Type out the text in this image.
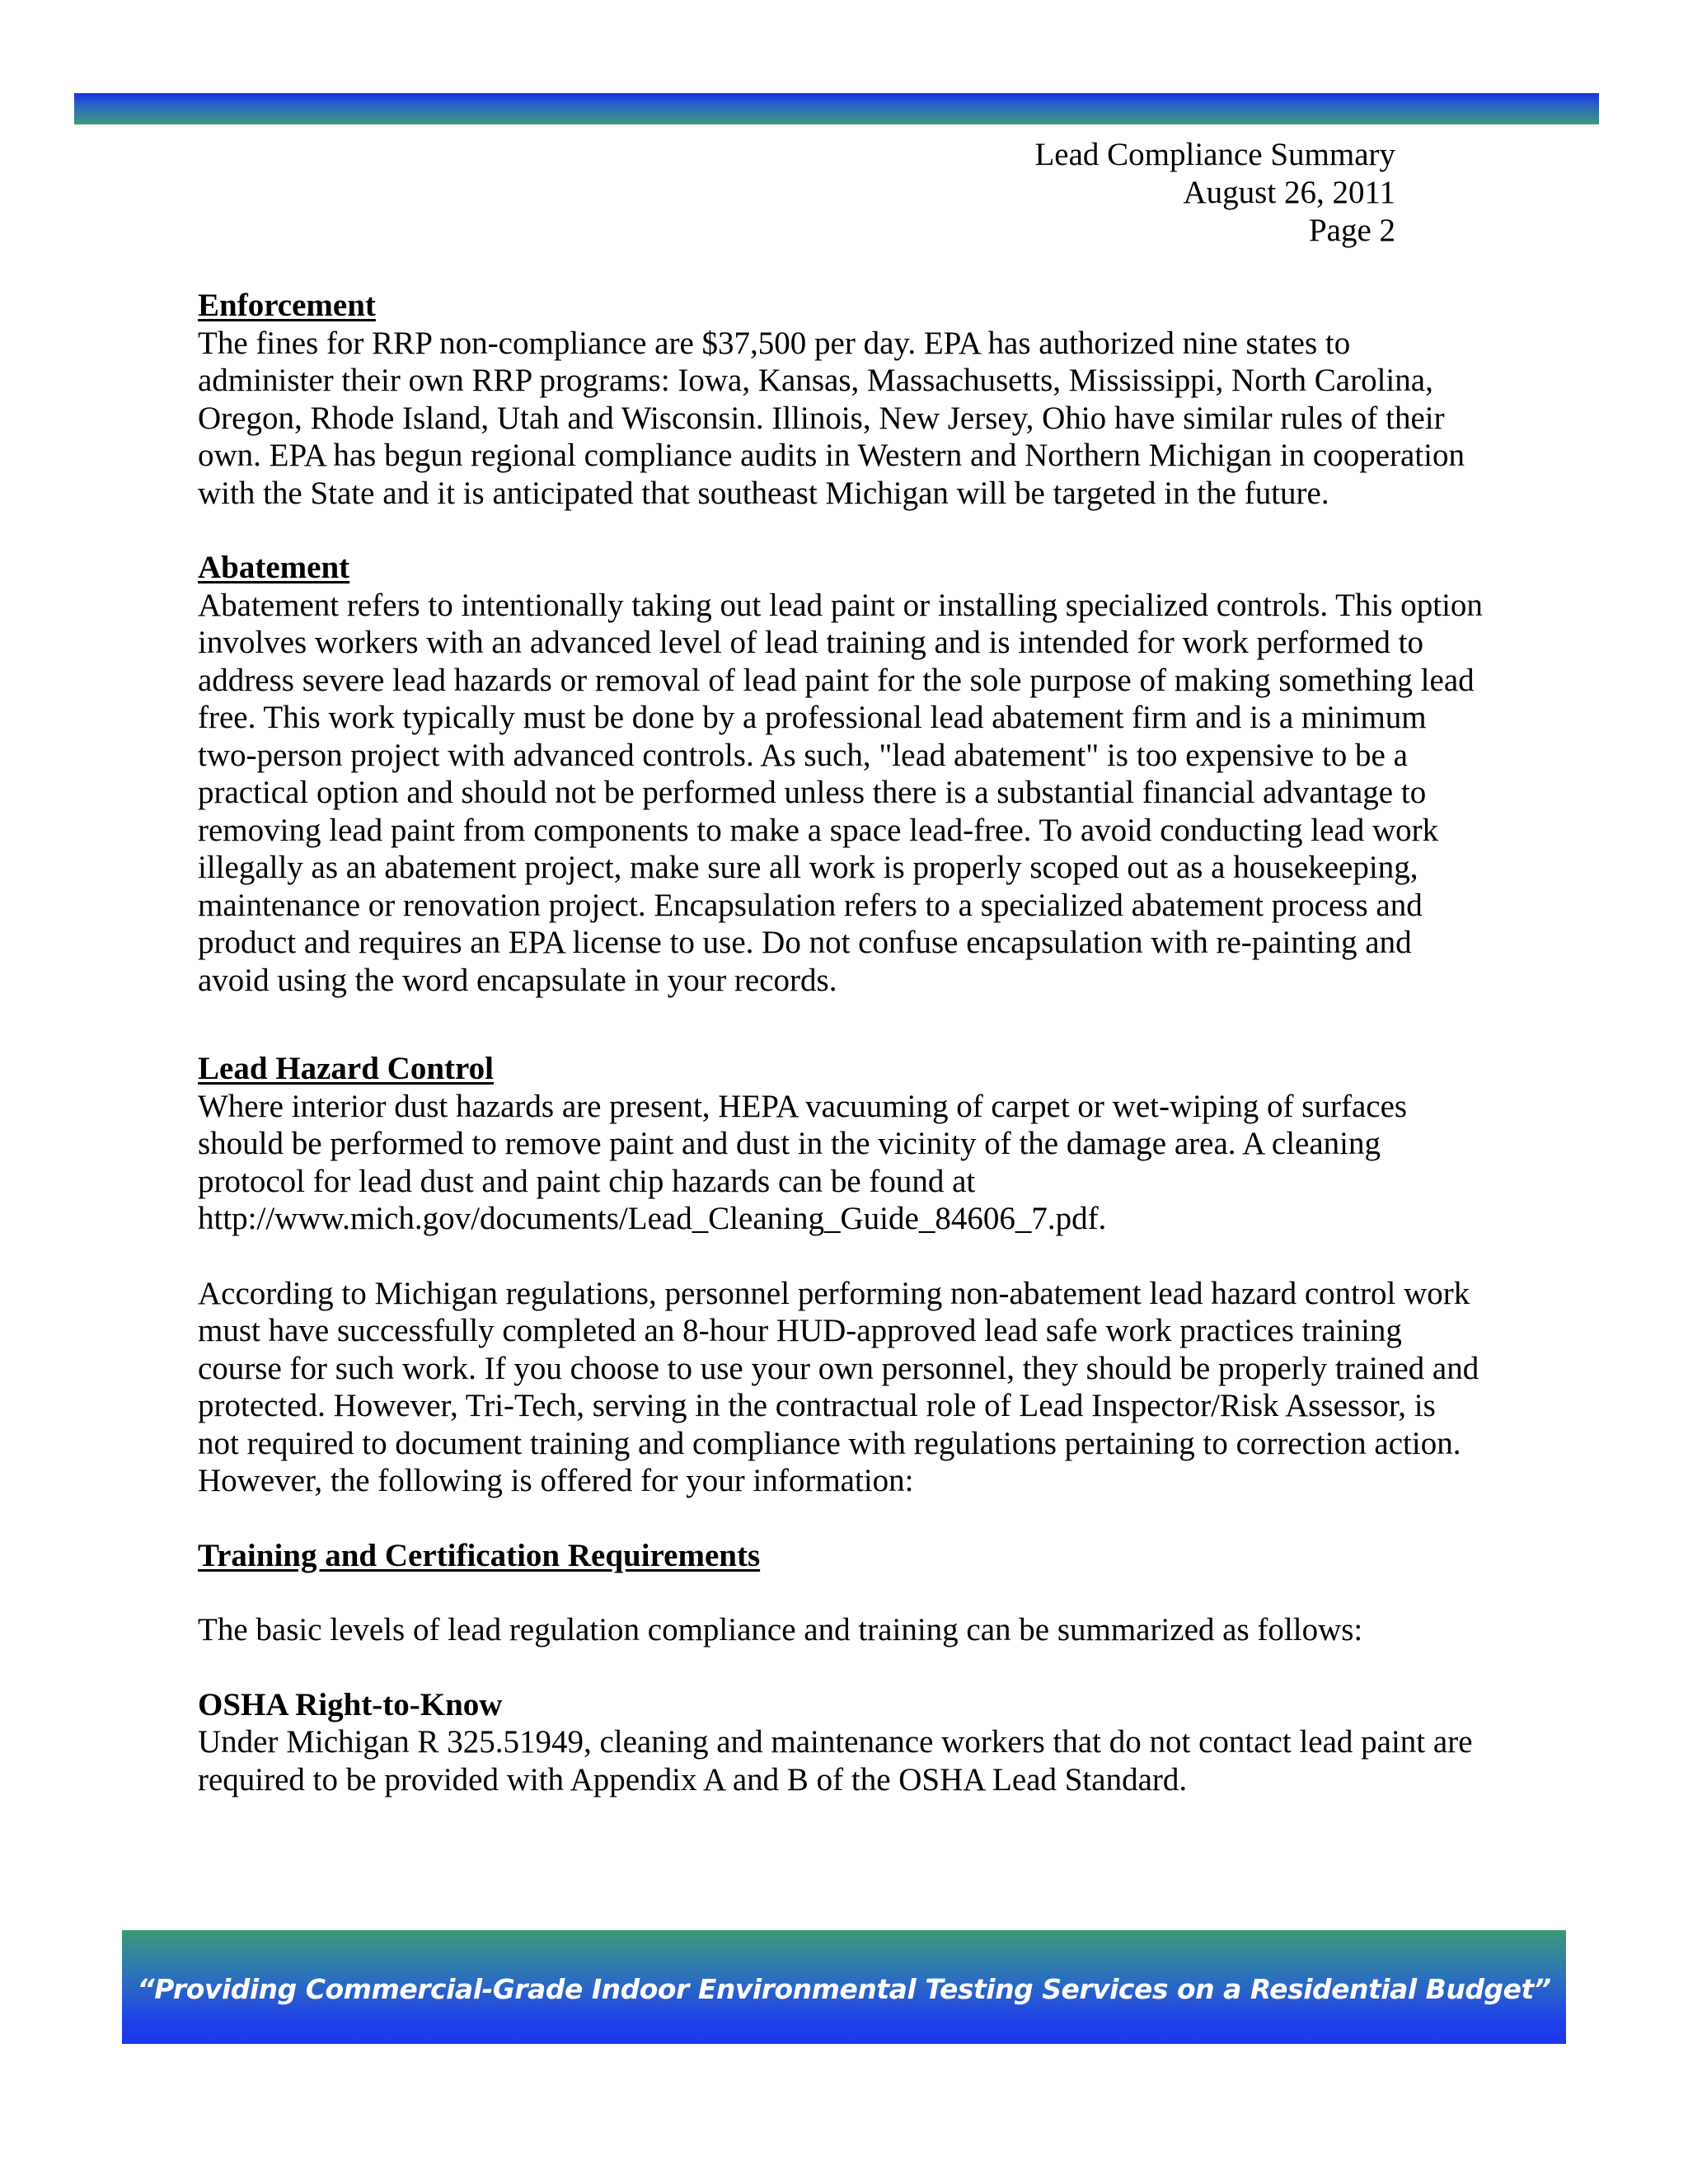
Lead Compliance Summary
August 26, 2011
Page 2
Enforcement

The fines for RRP non-compliance are $37,500 per day. EPA has authorized nine states to administer their own RRP programs: Iowa, Kansas, Massachusetts, Mississippi, North Carolina, Oregon, Rhode Island, Utah and Wisconsin. Illinois, New Jersey, Ohio have similar rules of their own. EPA has begun regional compliance audits in Western and Northern Michigan in cooperation with the State and it is anticipated that southeast Michigan will be targeted in the future.

Abatement

Abatement refers to intentionally taking out lead paint or installing specialized controls. This option involves workers with an advanced level of lead training and is intended for work performed to address severe lead hazards or removal of lead paint for the sole purpose of making something lead free. This work typically must be done by a professional lead abatement firm and is a minimum two-person project with advanced controls. As such, "lead abatement" is too expensive to be a practical option and should not be performed unless there is a substantial financial advantage to removing lead paint from components to make a space lead-free. To avoid conducting lead work illegally as an abatement project, make sure all work is properly scoped out as a housekeeping, maintenance or renovation project. Encapsulation refers to a specialized abatement process and product and requires an EPA license to use. Do not confuse encapsulation with re-painting and avoid using the word encapsulate in your records.

Lead Hazard Control

Where interior dust hazards are present, HEPA vacuuming of carpet or wet-wiping of surfaces should be performed to remove paint and dust in the vicinity of the damage area. A cleaning protocol for lead dust and paint chip hazards can be found at http://www.mich.gov/documents/Lead_Cleaning_Guide_84606_7.pdf.

According to Michigan regulations, personnel performing non-abatement lead hazard control work must have successfully completed an 8-hour HUD-approved lead safe work practices training course for such work. If you choose to use your own personnel, they should be properly trained and protected. However, Tri-Tech, serving in the contractual role of Lead Inspector/Risk Assessor, is not required to document training and compliance with regulations pertaining to correction action. However, the following is offered for your information:

Training and Certification Requirements

The basic levels of lead regulation compliance and training can be summarized as follows:

OSHA Right-to-Know

Under Michigan R 325.51949, cleaning and maintenance workers that do not contact lead paint are required to be provided with Appendix A and B of the OSHA Lead Standard.

“Providing Commercial-Grade Indoor Environmental Testing Services on a Residential Budget”
